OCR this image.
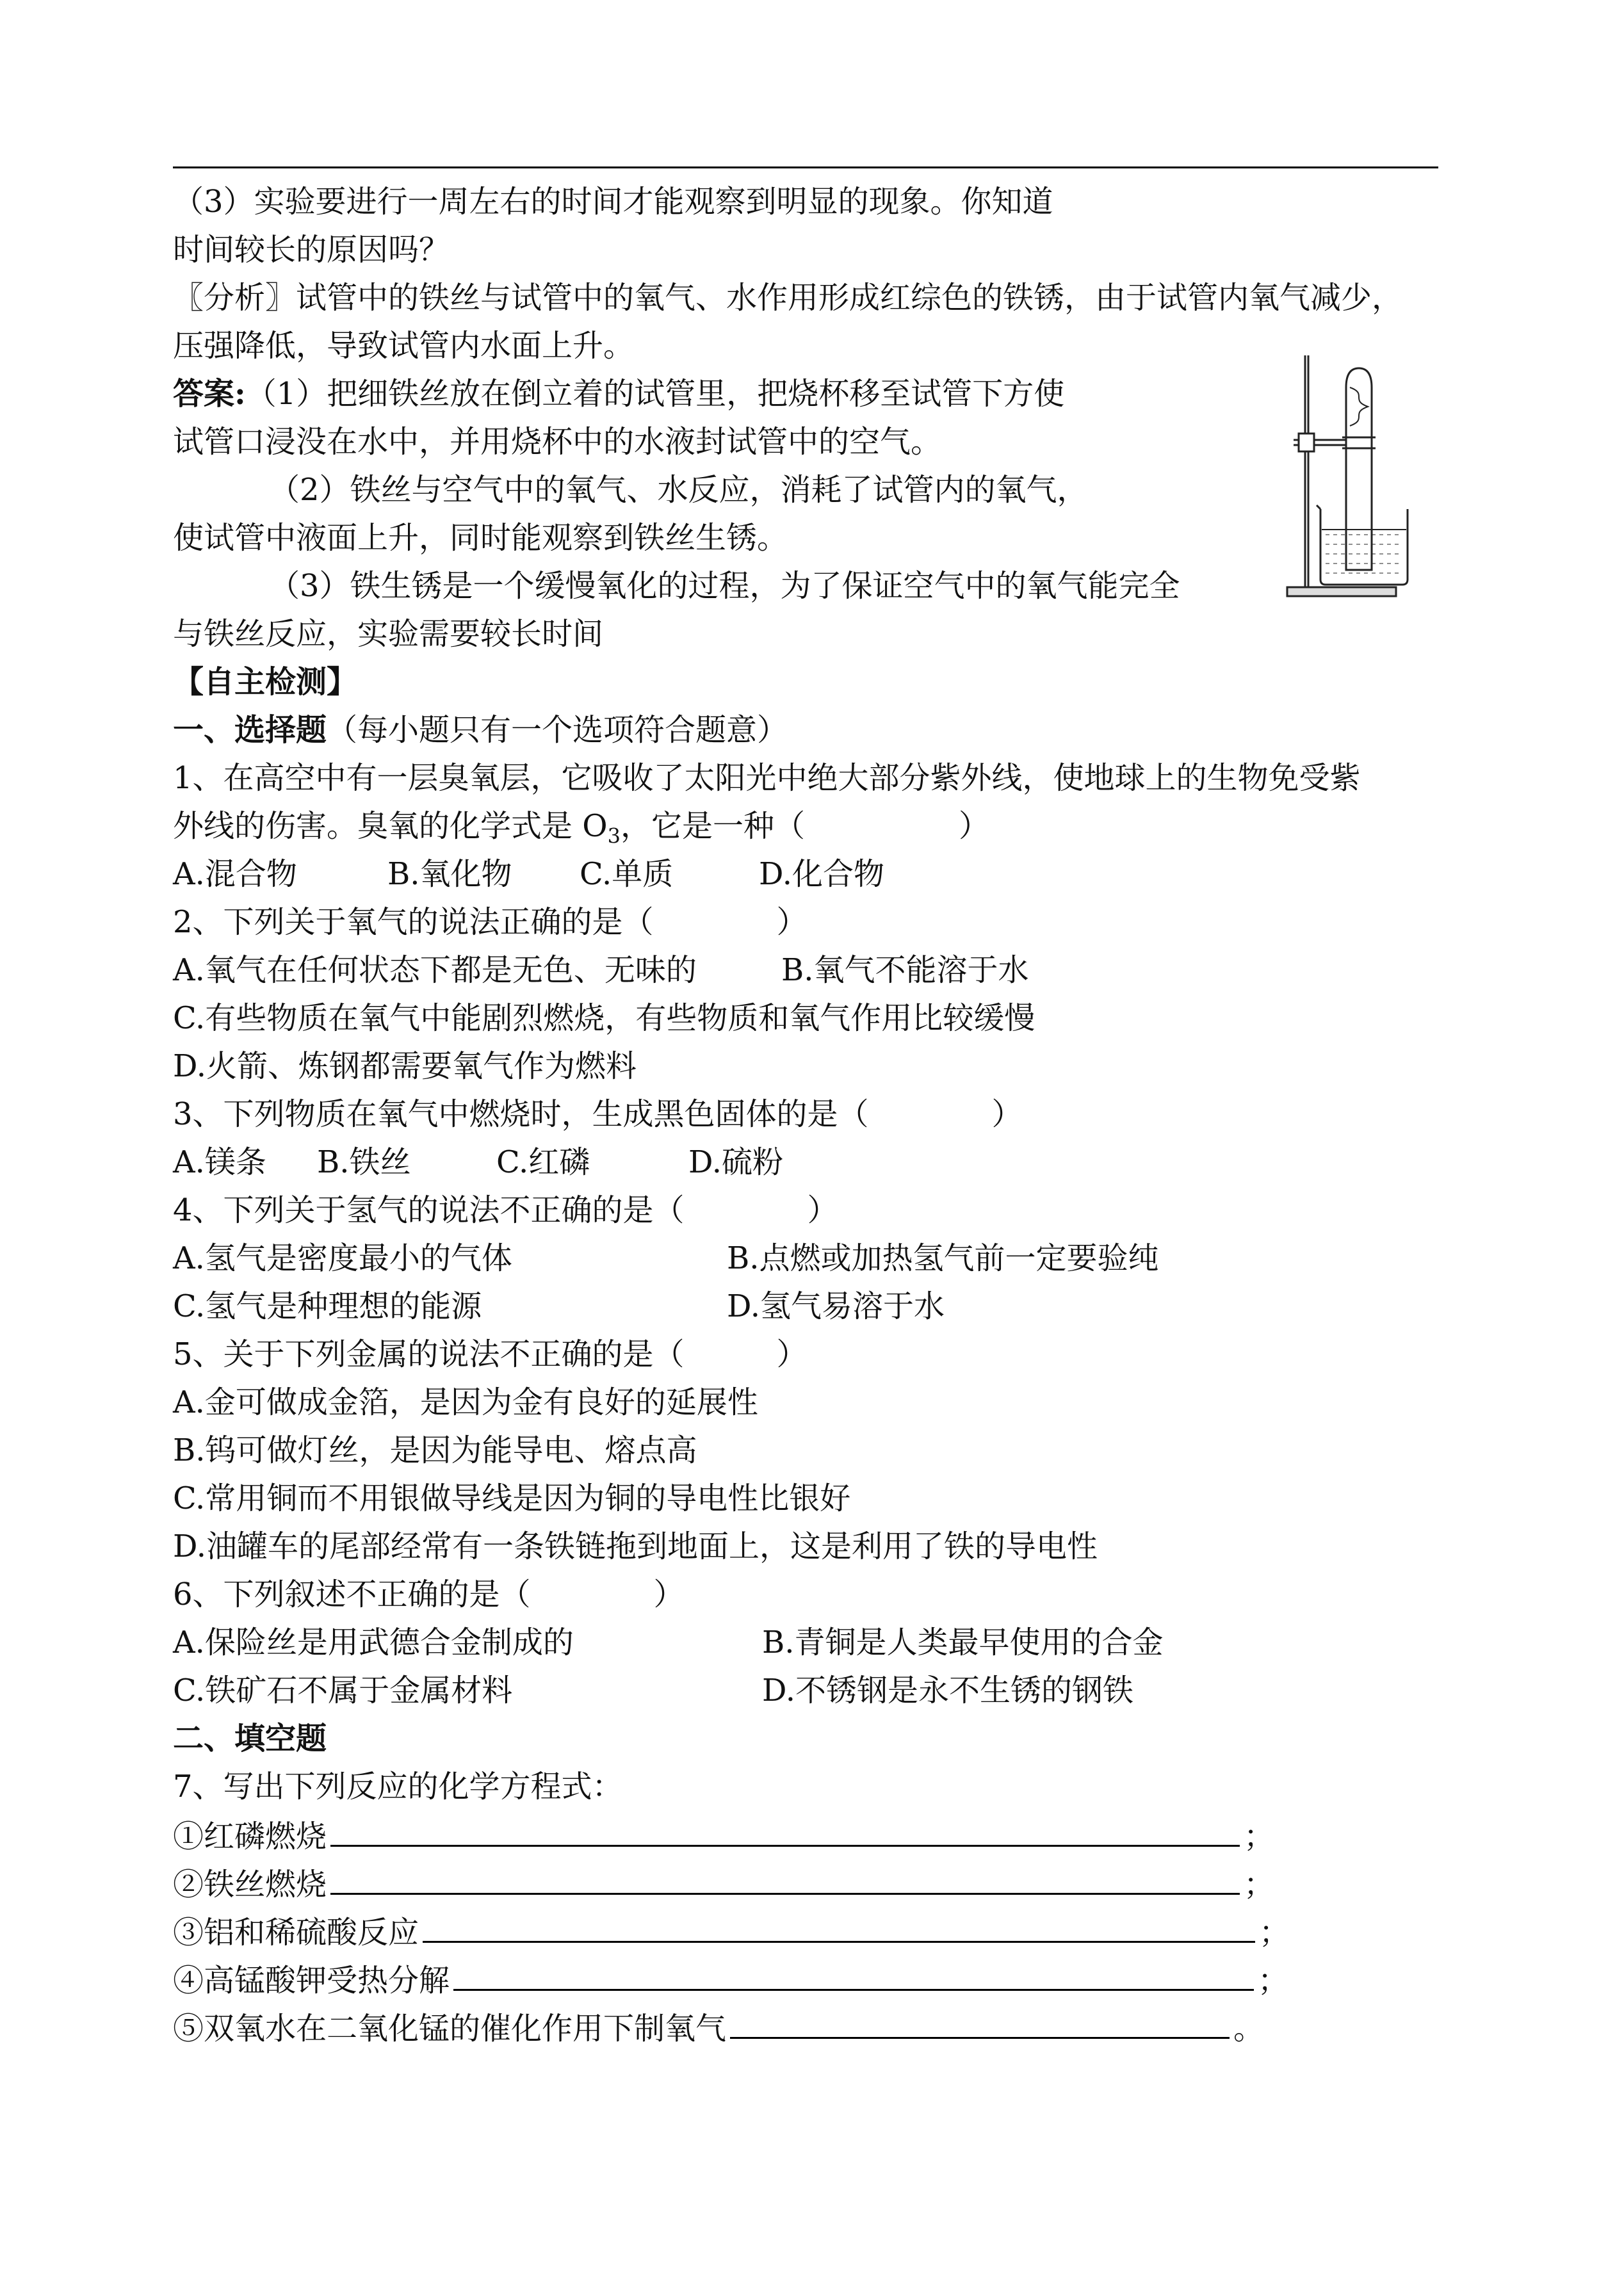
（3）实验要进行一周左右的时间才能观察到明显的现象。你知道
时间较长的原因吗？
〖分析〗试管中的铁丝与试管中的氧气、水作用形成红综色的铁锈，由于试管内氧气减少，
压强降低，导致试管内水面上升。
答案:（1）把细铁丝放在倒立着的试管里，把烧杯移至试管下方使
试管口浸没在水中，并用烧杯中的水液封试管中的空气。
（2）铁丝与空气中的氧气、水反应，消耗了试管内的氧气，
使试管中液面上升，同时能观察到铁丝生锈。
（3）铁生锈是一个缓慢氧化的过程，为了保证空气中的氧气能完全
与铁丝反应，实验需要较长时间
【自主检测】
一、选择题（每小题只有一个选项符合题意）
1、在高空中有一层臭氧层，它吸收了太阳光中绝大部分紫外线，使地球上的生物免受紫
外线的伤害。臭氧的化学式是 $O_3$，它是一种（　　　　　）
A.混合物	B.氧化物 C.单质	D.化合物
2、下列关于氧气的说法正确的是（　　　　）
A.氧气在任何状态下都是无色、无味的	B.氧气不能溶于水
C.有些物质在氧气中能剧烈燃烧，有些物质和氧气作用比较缓慢
D.火箭、炼钢都需要氧气作为燃料
3、下列物质在氧气中燃烧时，生成黑色固体的是（　　　　）
A.镁条 B.铁丝	C.红磷	D.硫粉
4、下列关于氢气的说法不正确的是（　　　　）
A.氢气是密度最小的气体	B.点燃或加热氢气前一定要验纯
C.氢气是种理想的能源	D.氢气易溶于水
5、关于下列金属的说法不正确的是（　　　）
A.金可做成金箔，是因为金有良好的延展性
B.钨可做灯丝，是因为能导电、熔点高
C.常用铜而不用银做导线是因为铜的导电性比银好
D.油罐车的尾部经常有一条铁链拖到地面上，这是利用了铁的导电性
6、下列叙述不正确的是（　　　　）
A.保险丝是用武德合金制成的	B.青铜是人类最早使用的合金
C.铁矿石不属于金属材料	D.不锈钢是永不生锈的钢铁
二、填空题
7、写出下列反应的化学方程式：
①红磷燃烧	；
②铁丝燃烧	；
③铝和稀硫酸反应	；
④高锰酸钾受热分解	；
⑤双氧水在二氧化锰的催化作用下制氧气	。
